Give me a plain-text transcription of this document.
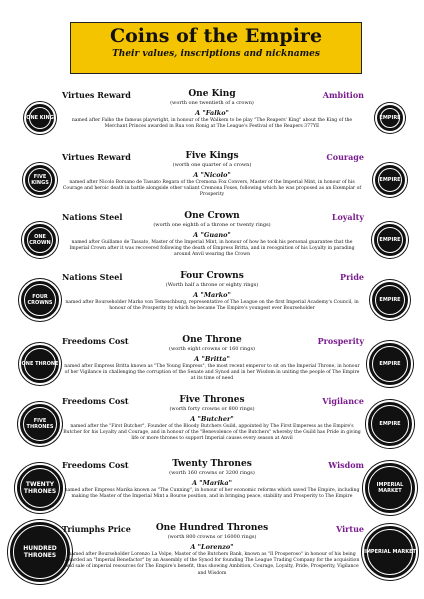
Coins of the Empire
Their values, inscriptions and nicknames
ONE KING	EMPIRE
Virtues Reward	One King
(worth one twentieth of a crown)
Ambition
A "Falko"
named after Falko the famous playwright, in honour of the Walkem to be play "The Reapers' King" about the King of the Merchant Princes awarded in Rua von Ronig at The League's Festival of the Reapers 377YE
FIVE KINGS	EMPIRE
Virtues Reward	Five Kings
(worth one quarter of a crown)
Courage
A "Nicolo"
named after Nicolo Borsano de Tassato Regara of the Cremona Fox Convers, Master of the Imperial Mint, in honour of his Courage and heroic death in battle alongside other valiant Cremona Foxes, following which he was proposed as an Exemplar of Prosperity
ONE CROWN	EMPIRE
Nations Steel	One Crown
(worth one eighth of a throne or twenty rings)
Loyalty
A "Guano"
named after Guillamo de Tassato, Master of the Imperial Mint, in honour of how he took his personal guarantee that the Imperial Crown after it was recovered following the death of Empress Britta, and in recognition of his Loyalty in parading around Anvil wearing the Crown
FOUR CROWNS	EMPIRE
Nations Steel	Four Crowns
(Worth half a throne or eighty rings)
Pride
A "Marko"
named after Bourseholder Marko von Temeschburg, representative of The League on the first Imperial Academy's Council, in honour of the Prosperity by which he became The Empire's youngest ever Bourseholder
ONE THRONE	EMPIRE
Freedoms Cost	One Throne
(worth eight crowns or 160 rings)
Prosperity
A "Britta"
named after Empress Britta known as "The Young Empress", the most recent emperor to sit on the Imperial Throne, in honour of her Vigilance in challenging the corruption of the Senate and Synod and in her Wisdom in uniting the people of The Empire at its time of need
FIVE THRONES	EMPIRE
Freedoms Cost	Five Thrones
(worth forty crowns or 800 rings)
Vigilance
A "Butcher"
named after the "First Butcher", Founder of the Bloody Butchers Guild, appointed by The First Emperess as the Empire's Butcher for his Loyalty and Courage, and in honour of the "Benevolence of the Butchers" whereby the Guild has Pride in giving life or more thrones to support Imperial causes every season at Anvil
TWENTY THRONES
IMPERIAL MARKET
Freedoms Cost	Twenty Thrones
(worth 160 crowns or 3200 rings)
Wisdom
A "Marika"
named after Empress Marika known as "The Cunning", in honour of her economic reforms which saved The Empire, including making the Master of the Imperial Mint a Bourse position, and in bringing peace, stability and Prosperity to The Empire
HUNDRED THRONES	IMPERIAL MARKET
Triumphs Price	One Hundred Thrones
(worth 800 crowns or 16000 rings)
Virtue
A "Lorenzo"
named after Bourseholder Lorenzo La Volpe, Master of the Butchers Bank, known as "Il Prosperoso" in honour of his being awarded an "Imperial Benefactor" by an Assembly of the Synod for founding The League Trading Company for the acquisition and sale of imperial resources for The Empire's benefit, thus showing Ambition, Courage, Loyalty, Pride, Prosperity, Vigilance and Wisdom
